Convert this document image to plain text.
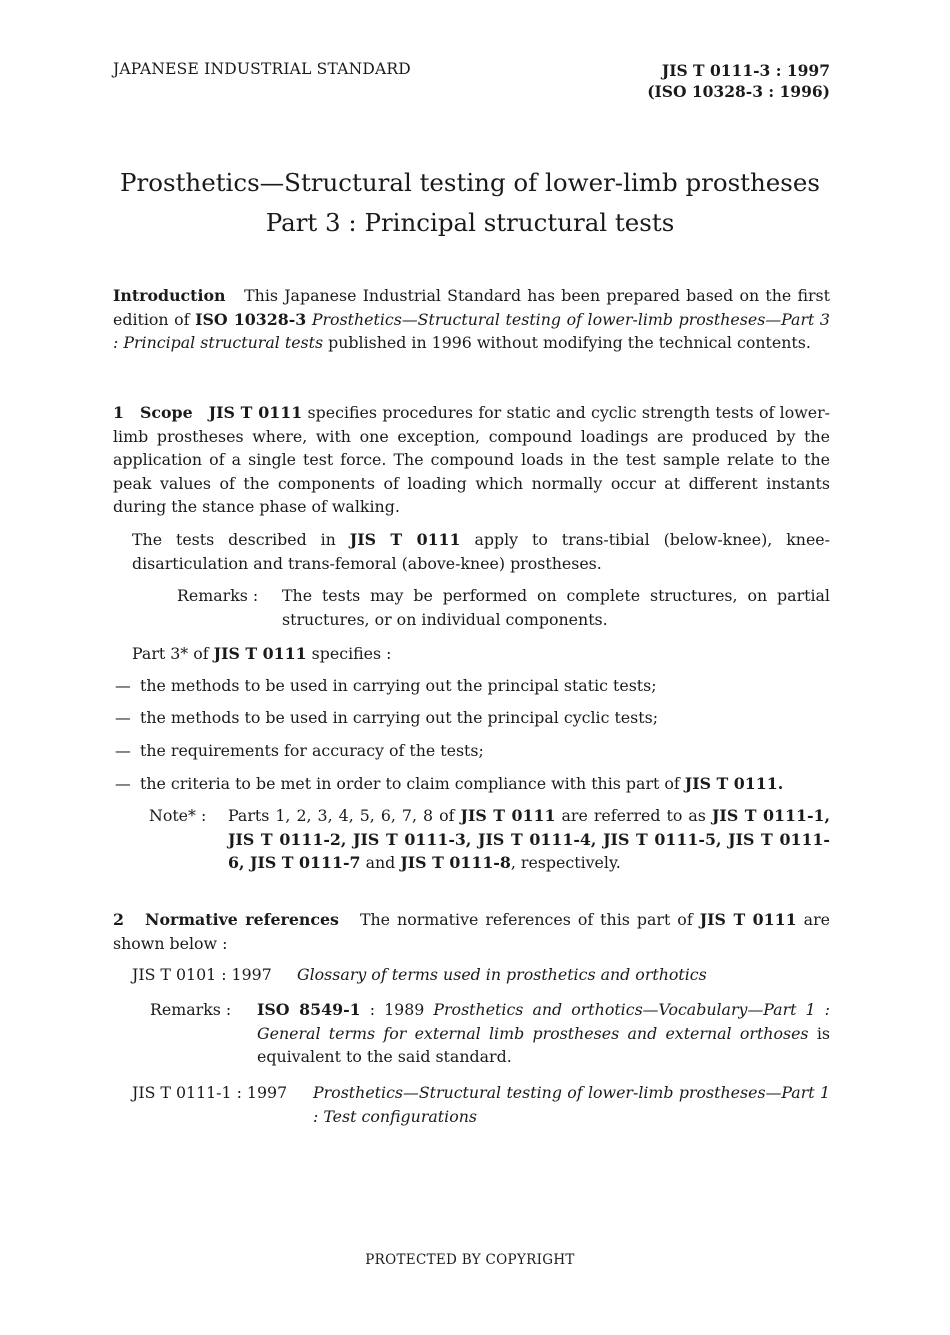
JAPANESE INDUSTRIAL STANDARD	JIS T 0111-3 : 1997
(ISO 10328-3 : 1996)
Prosthetics—Structural testing of lower-limb prostheses
Part 3 : Principal structural tests
Introduction This Japanese Industrial Standard has been prepared based on the first edition of ISO 10328-3 Prosthetics—Structural testing of lower-limb prostheses—Part 3 : Principal structural tests published in 1996 without modifying the technical contents.
1 Scope JIS T 0111 specifies procedures for static and cyclic strength tests of lower-limb prostheses where, with one exception, compound loadings are produced by the application of a single test force. The compound loads in the test sample relate to the peak values of the components of loading which normally occur at different instants during the stance phase of walking.
The tests described in JIS T 0111 apply to trans-tibial (below-knee), knee-disarticulation and trans-femoral (above-knee) prostheses.
Remarks : The tests may be performed on complete structures, on partial structures, or on individual components.
Part 3* of JIS T 0111 specifies :
— the methods to be used in carrying out the principal static tests;
— the methods to be used in carrying out the principal cyclic tests;
— the requirements for accuracy of the tests;
— the criteria to be met in order to claim compliance with this part of JIS T 0111.
Note* : Parts 1, 2, 3, 4, 5, 6, 7, 8 of JIS T 0111 are referred to as JIS T 0111-1, JIS T 0111-2, JIS T 0111-3, JIS T 0111-4, JIS T 0111-5, JIS T 0111-6, JIS T 0111-7 and JIS T 0111-8, respectively.
2 Normative references The normative references of this part of JIS T 0111 are shown below :
JIS T 0101 : 1997 Glossary of terms used in prosthetics and orthotics
Remarks : ISO 8549-1 : 1989 Prosthetics and orthotics—Vocabulary—Part 1 : General terms for external limb prostheses and external orthoses is equivalent to the said standard.
JIS T 0111-1 : 1997 Prosthetics—Structural testing of lower-limb prostheses—Part 1 : Test configurations
PROTECTED BY COPYRIGHT
